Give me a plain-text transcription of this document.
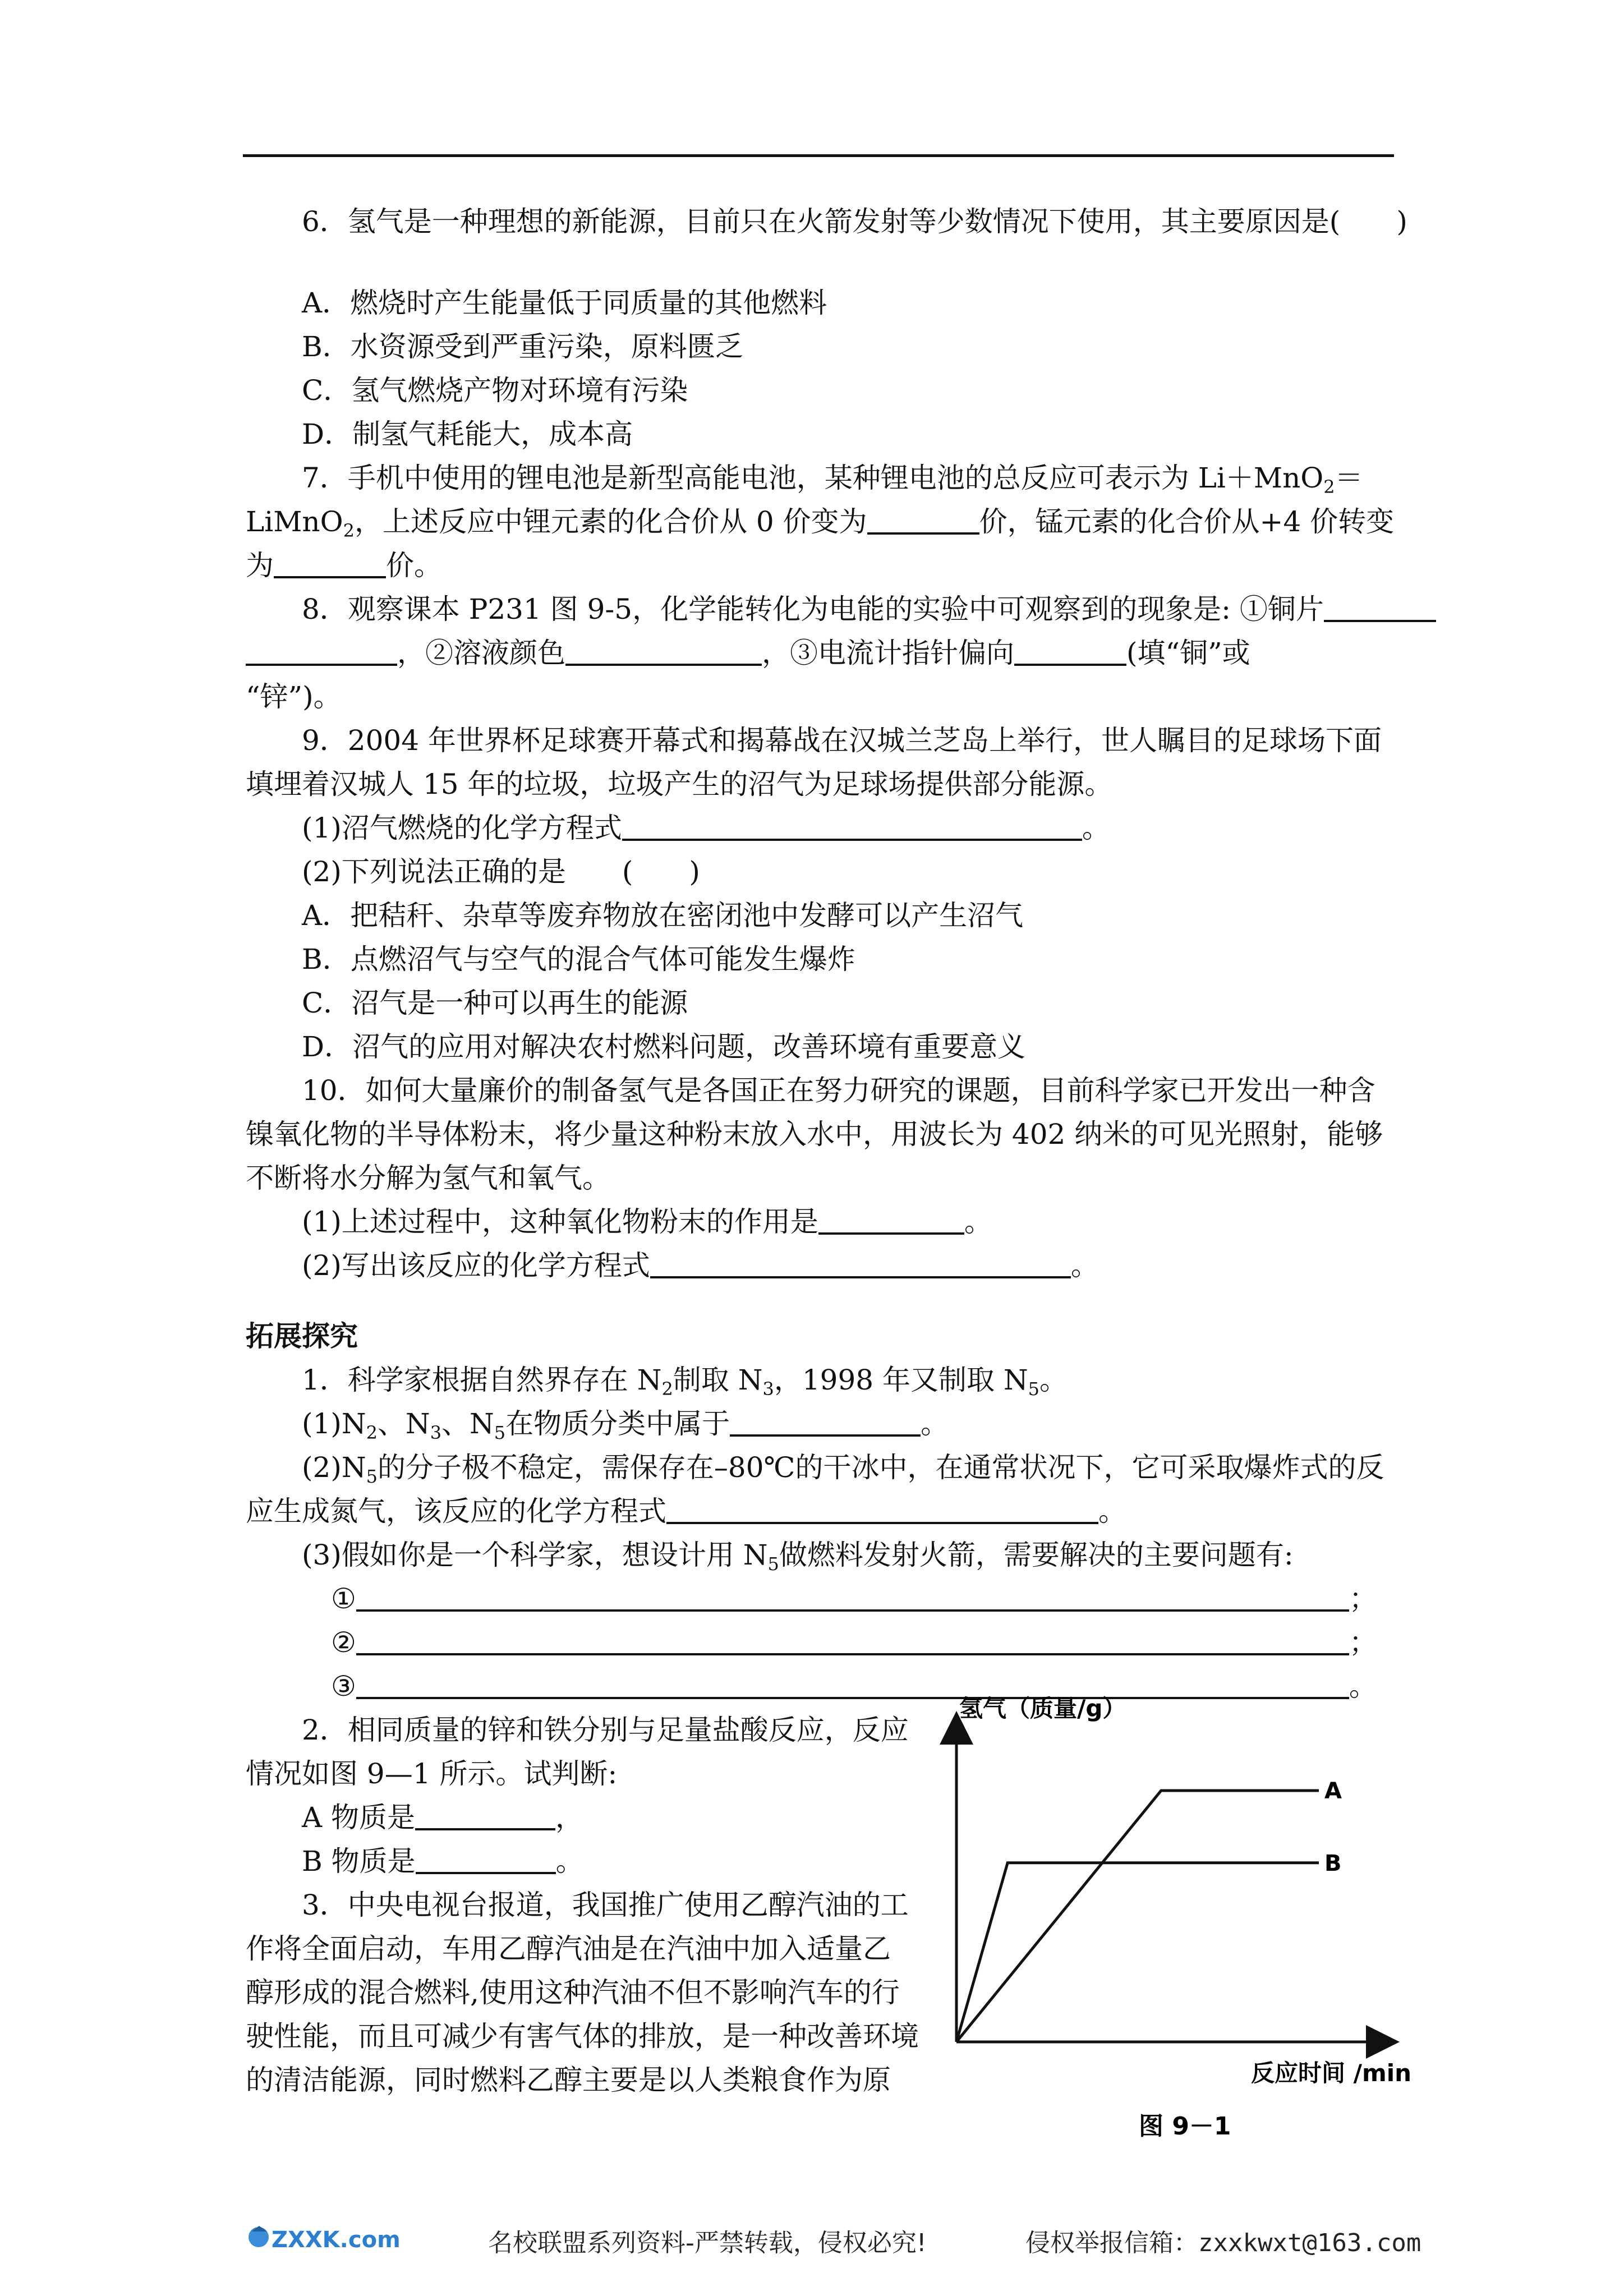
6．氢气是一种理想的新能源，目前只在火箭发射等少数情况下使用，其主要原因是(　　)
A．燃烧时产生能量低于同质量的其他燃料
B．水资源受到严重污染，原料匮乏
C．氢气燃烧产物对环境有污染
D．制氢气耗能大，成本高
7．手机中使用的锂电池是新型高能电池，某种锂电池的总反应可表示为 Li＋MnO$_2$＝
LiMnO$_2$，上述反应中锂元素的化合价从 0 价变为	价，锰元素的化合价从+4 价转变
为	价。
8．观察课本 P231 图 9-5，化学能转化为电能的实验中可观察到的现象是: ①铜片
，②溶液颜色	，③电流计指针偏向	(填“铜”或
“锌”)。
9．2004 年世界杯足球赛开幕式和揭幕战在汉城兰芝岛上举行，世人瞩目的足球场下面
填埋着汉城人 15 年的垃圾，垃圾产生的沼气为足球场提供部分能源。
(1)沼气燃烧的化学方程式	。
(2)下列说法正确的是　　(　　)
A．把秸秆、杂草等废弃物放在密闭池中发酵可以产生沼气
B．点燃沼气与空气的混合气体可能发生爆炸
C．沼气是一种可以再生的能源
D．沼气的应用对解决农村燃料问题，改善环境有重要意义
10．如何大量廉价的制备氢气是各国正在努力研究的课题，目前科学家已开发出一种含
镍氧化物的半导体粉末，将少量这种粉末放入水中，用波长为 402 纳米的可见光照射，能够
不断将水分解为氢气和氧气。
(1)上述过程中，这种氧化物粉末的作用是	。
(2)写出该反应的化学方程式	。
拓展探究
1．科学家根据自然界存在 $N_2$制取 $N_3$，1998 年又制取 $N_5$。
$(1)N_2$、$N_3$、$N_5$在物质分类中属于	。
$(2)N_5$的分子极不稳定，需保存在–80℃的干冰中，在通常状况下，它可采取爆炸式的反
应生成氮气，该反应的化学方程式	。
(3)假如你是一个科学家，想设计用 $N_5$做燃料发射火箭，需要解决的主要问题有:
①	；
②	；
③	。
2．相同质量的锌和铁分别与足量盐酸反应，反应
情况如图 9—1 所示。试判断:
A 物质是	，
B 物质是	。
3．中央电视台报道，我国推广使用乙醇汽油的工
作将全面启动，车用乙醇汽油是在汽油中加入适量乙
醇形成的混合燃料,使用这种汽油不但不影响汽车的行
驶性能，而且可减少有害气体的排放，是一种改善环境
的清洁能源，同时燃料乙醇主要是以人类粮食作为原
氢气（质量/g）
反应时间 /min
图 9－1
A
B
ZXXK.com	名校联盟系列资料-严禁转载，侵权必究!	侵权举报信箱：zxxkwxt@163.com
